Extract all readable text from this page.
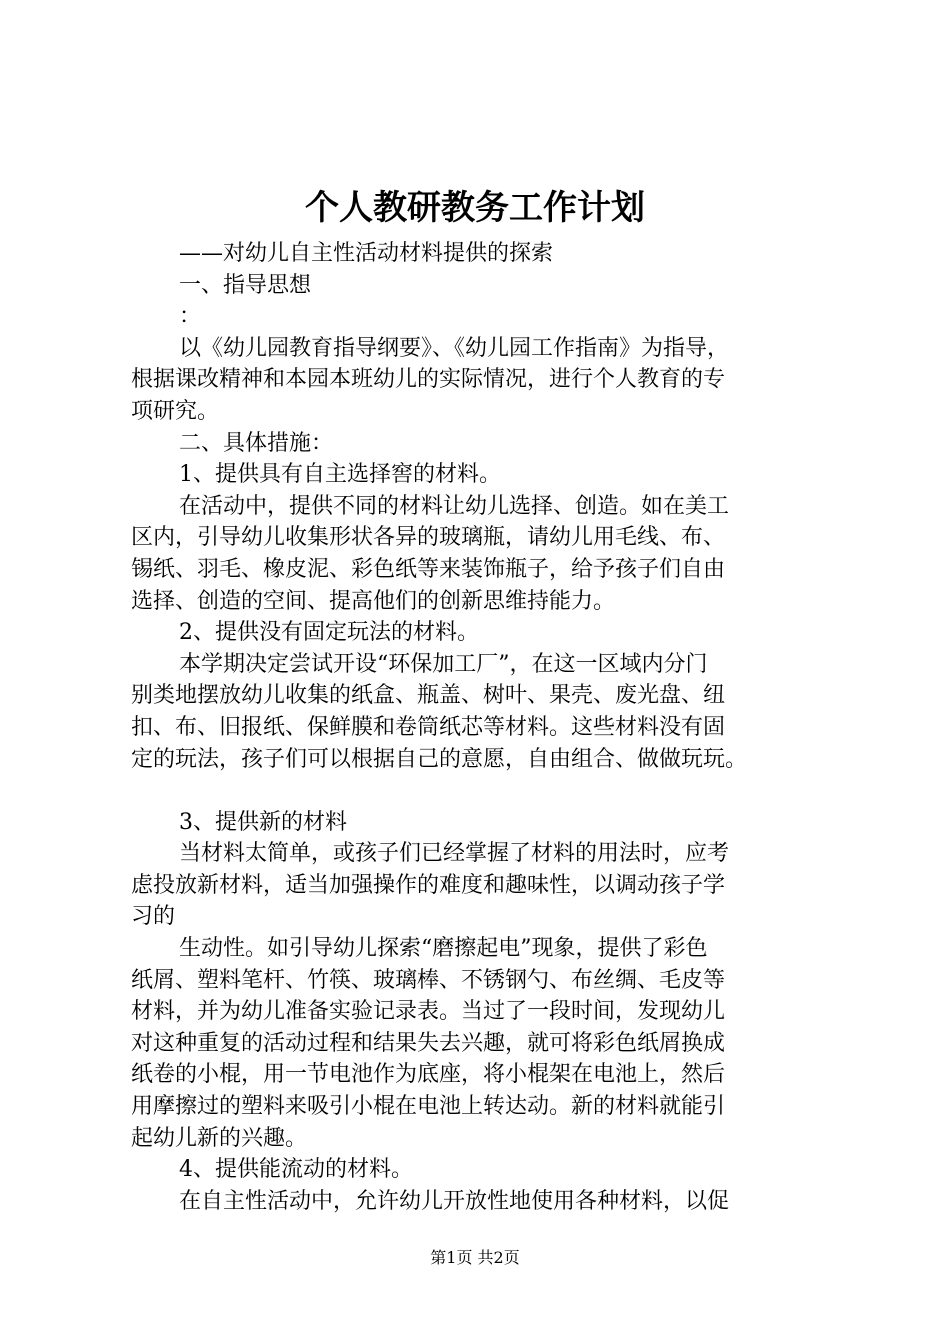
个人教研教务工作计划
——对幼儿自主性活动材料提供的探索
一、指导思想
：
以《幼儿园教育指导纲要》、《幼儿园工作指南》为指导，
根据课改精神和本园本班幼儿的实际情况，进行个人教育的专
项研究。
二、具体措施：
1、提供具有自主选择窖的材料。
在活动中，提供不同的材料让幼儿选择、创造。如在美工
区内，引导幼儿收集形状各异的玻璃瓶，请幼儿用毛线、布、
锡纸、羽毛、橡皮泥、彩色纸等来装饰瓶子，给予孩子们自由
选择、创造的空间、提高他们的创新思维持能力。
2、提供没有固定玩法的材料。
本学期决定尝试开设“环保加工厂”，在这一区域内分门
别类地摆放幼儿收集的纸盒、瓶盖、树叶、果壳、废光盘、纽
扣、布、旧报纸、保鲜膜和卷筒纸芯等材料。这些材料没有固
定的玩法，孩子们可以根据自己的意愿，自由组合、做做玩玩。
3、提供新的材料
当材料太简单，或孩子们已经掌握了材料的用法时，应考
虑投放新材料，适当加强操作的难度和趣味性，以调动孩子学
习的
生动性。如引导幼儿探索“磨擦起电”现象，提供了彩色
纸屑、塑料笔杆、竹筷、玻璃棒、不锈钢勺、布丝绸、毛皮等
材料，并为幼儿准备实验记录表。当过了一段时间，发现幼儿
对这种重复的活动过程和结果失去兴趣，就可将彩色纸屑换成
纸卷的小棍，用一节电池作为底座，将小棍架在电池上，然后
用摩擦过的塑料来吸引小棍在电池上转达动。新的材料就能引
起幼儿新的兴趣。
4、提供能流动的材料。
在自主性活动中，允许幼儿开放性地使用各种材料，以促
第1页 共2页
